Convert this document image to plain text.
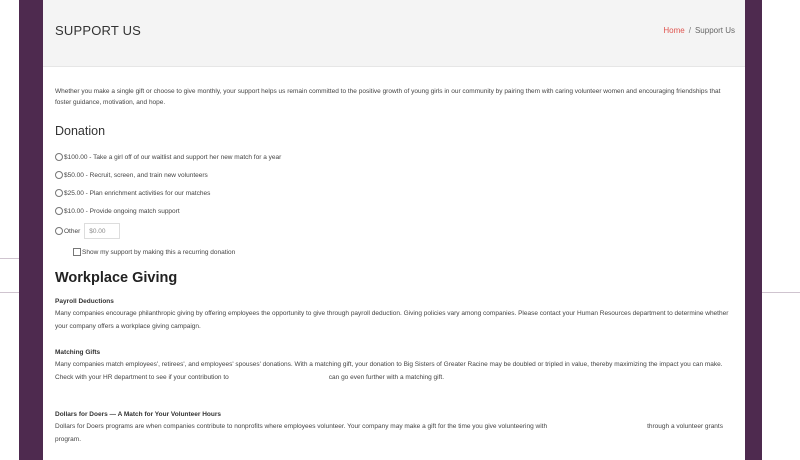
SUPPORT US	Home / Support Us
Whether you make a single gift or choose to give monthly, your support helps us remain committed to the positive growth of young girls in our community by pairing them with caring volunteer women and encouraging friendships that foster guidance, motivation, and hope.
Donation
$100.00 - Take a girl off of our waitlist and support her new match for a year
$50.00 - Recruit, screen, and train new volunteers
$25.00 - Plan enrichment activities for our matches
$10.00 - Provide ongoing match support
Other	$0.00
Show my support by making this a recurring donation
Workplace Giving
Payroll Deductions
Many companies encourage philanthropic giving by offering employees the opportunity to give through payroll deduction. Giving policies vary among companies. Please contact your Human Resources department to determine whether your company offers a workplace giving campaign.
Matching Gifts
Many companies match employees', retirees', and employees' spouses' donations. With a matching gift, your donation to Big Sisters of Greater Racine may be doubled or tripled in value, thereby maximizing the impact you can make. Check with your HR department to see if your contribution to	can go even further with a matching gift.
Dollars for Doers — A Match for Your Volunteer Hours
Dollars for Doers programs are when companies contribute to nonprofits where employees volunteer. Your company may make a gift for the time you give volunteering with	through a volunteer grants program.
